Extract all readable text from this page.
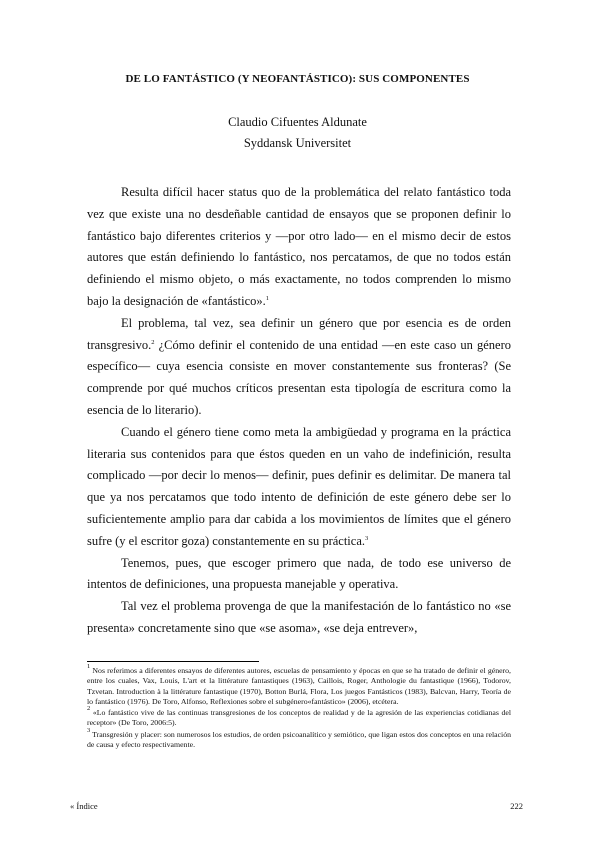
DE LO FANTÁSTICO (Y NEOFANTÁSTICO): SUS COMPONENTES
Claudio Cifuentes Aldunate
Syddansk Universitet

Resulta difícil hacer status quo de la problemática del relato fantástico toda vez que existe una no desdeñable cantidad de ensayos que se proponen definir lo fantástico bajo diferentes criterios y —por otro lado— en el mismo decir de estos autores que están definiendo lo fantástico, nos percatamos, de que no todos están definiendo el mismo objeto, o más exactamente, no todos comprenden lo mismo bajo la designación de «fantástico».$^1$

El problema, tal vez, sea definir un género que por esencia es de orden transgresivo.$^2$ ¿Cómo definir el contenido de una entidad —en este caso un género específico— cuya esencia consiste en mover constantemente sus fronteras? (Se comprende por qué muchos críticos presentan esta tipología de escritura como la esencia de lo literario).

Cuando el género tiene como meta la ambigüedad y programa en la práctica literaria sus contenidos para que éstos queden en un vaho de indefinición, resulta complicado —por decir lo menos— definir, pues definir es delimitar. De manera tal que ya nos percatamos que todo intento de definición de este género debe ser lo suficientemente amplio para dar cabida a los movimientos de límites que el género sufre (y el escritor goza) constantemente en su práctica.$^3$

Tenemos, pues, que escoger primero que nada, de todo ese universo de intentos de definiciones, una propuesta manejable y operativa.

Tal vez el problema provenga de que la manifestación de lo fantástico no «se presenta» concretamente sino que «se asoma», «se deja entrever»,

$^1$ Nos referimos a diferentes ensayos de diferentes autores, escuelas de pensamiento y épocas en que se ha tratado de definir el género, entre los cuales, Vax, Louis, L'art et la littérature fantastiques (1963), Caillois, Roger, Anthologie du fantastique (1966), Todorov, Tzvetan. Introduction à la littérature fantastique (1970), Botton Burlá, Flora, Los juegos Fantásticos (1983), Balcvan, Harry, Teoría de lo fantástico (1976). De Toro, Alfonso, Reflexiones sobre el subgénero«fantástico» (2006), etcétera.

$^2$ «Lo fantástico vive de las continuas transgresiones de los conceptos de realidad y de la agresión de las experiencias cotidianas del receptor» (De Toro, 2006:5).

$^3$ Transgresión y placer: son numerosos los estudios, de orden psicoanalítico y semiótico, que ligan estos dos conceptos en una relación de causa y efecto respectivamente.

« Índice	222
